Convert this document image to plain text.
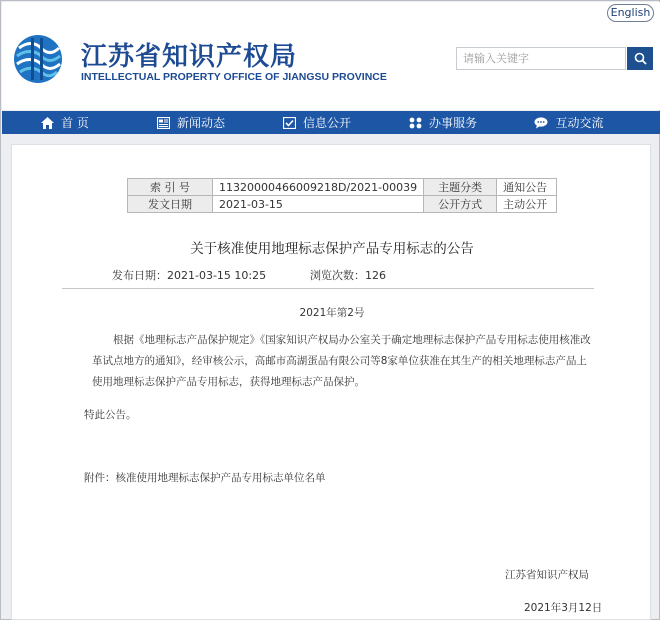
English
江苏省知识产权局
INTELLECTUAL PROPERTY OFFICE OF JIANGSU PROVINCE
请输入关键字
首 页	新闻动态	信息公开	办事服务	互动交流
索 引 号	11320000466009218D/2021-00039	主题分类	通知公告
发文日期	2021-03-15	公开方式	主动公开
关于核准使用地理标志保护产品专用标志的公告
发布日期：2021-03-15 10:25	浏览次数：126
2021年第2号
根据《地理标志产品保护规定》《国家知识产权局办公室关于确定地理标志保护产品专用标志使用核准改革试点地方的通知》，经审核公示，高邮市高湖蛋品有限公司等8家单位获准在其生产的相关地理标志产品上使用地理标志保护产品专用标志，获得地理标志产品保护。
特此公告。
附件：核准使用地理标志保护产品专用标志单位名单
江苏省知识产权局
2021年3月12日
